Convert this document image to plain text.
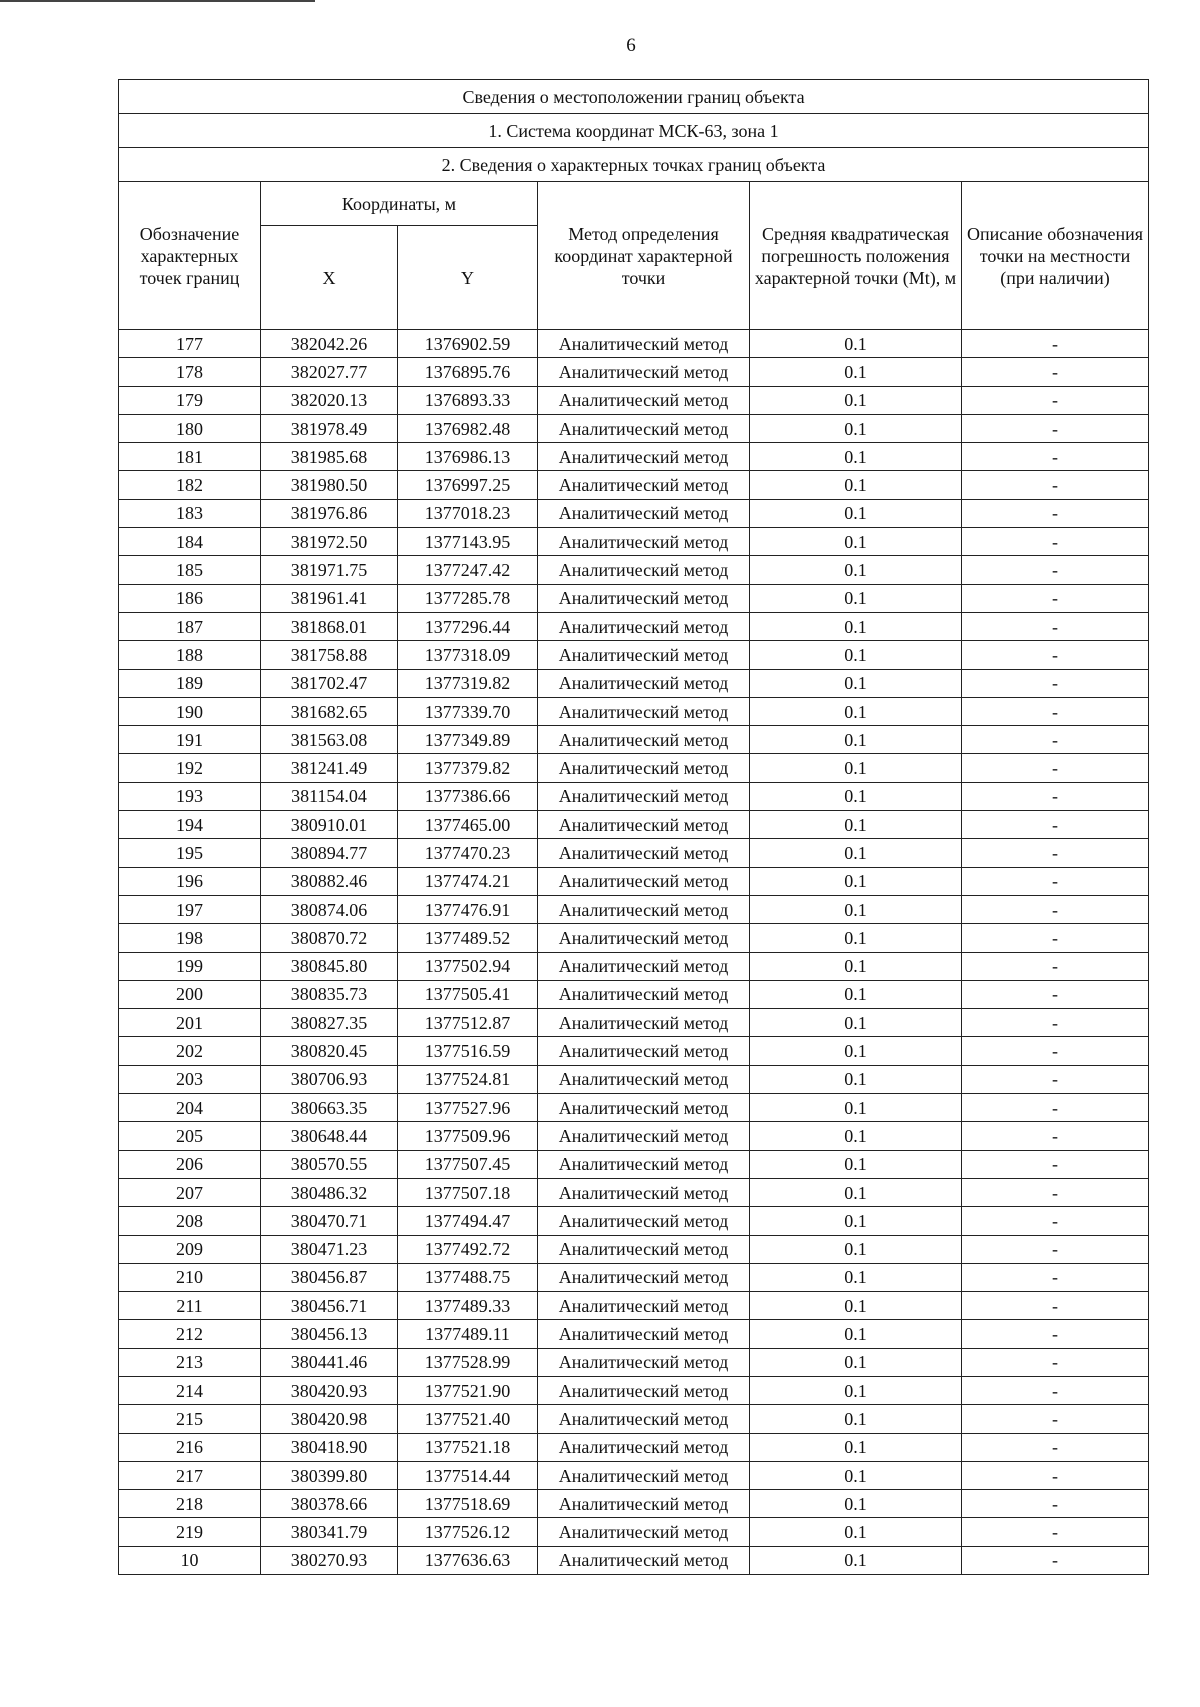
6
Сведения о местоположении границ объекта					
1. Система координат МСК-63, зона 1					
2. Сведения о характерных точках границ объекта					
Обозначение характерных точек границ	Координаты, м		Метод определения координат характерной точки	Средняя квадратическая погрешность положения характерной точки (Mt), м	Описание обозначения точки на местности (при наличии)
	X	Y			
177	382042.26	1376902.59	Аналитический метод	0.1	-
178	382027.77	1376895.76	Аналитический метод	0.1	-
179	382020.13	1376893.33	Аналитический метод	0.1	-
180	381978.49	1376982.48	Аналитический метод	0.1	-
181	381985.68	1376986.13	Аналитический метод	0.1	-
182	381980.50	1376997.25	Аналитический метод	0.1	-
183	381976.86	1377018.23	Аналитический метод	0.1	-
184	381972.50	1377143.95	Аналитический метод	0.1	-
185	381971.75	1377247.42	Аналитический метод	0.1	-
186	381961.41	1377285.78	Аналитический метод	0.1	-
187	381868.01	1377296.44	Аналитический метод	0.1	-
188	381758.88	1377318.09	Аналитический метод	0.1	-
189	381702.47	1377319.82	Аналитический метод	0.1	-
190	381682.65	1377339.70	Аналитический метод	0.1	-
191	381563.08	1377349.89	Аналитический метод	0.1	-
192	381241.49	1377379.82	Аналитический метод	0.1	-
193	381154.04	1377386.66	Аналитический метод	0.1	-
194	380910.01	1377465.00	Аналитический метод	0.1	-
195	380894.77	1377470.23	Аналитический метод	0.1	-
196	380882.46	1377474.21	Аналитический метод	0.1	-
197	380874.06	1377476.91	Аналитический метод	0.1	-
198	380870.72	1377489.52	Аналитический метод	0.1	-
199	380845.80	1377502.94	Аналитический метод	0.1	-
200	380835.73	1377505.41	Аналитический метод	0.1	-
201	380827.35	1377512.87	Аналитический метод	0.1	-
202	380820.45	1377516.59	Аналитический метод	0.1	-
203	380706.93	1377524.81	Аналитический метод	0.1	-
204	380663.35	1377527.96	Аналитический метод	0.1	-
205	380648.44	1377509.96	Аналитический метод	0.1	-
206	380570.55	1377507.45	Аналитический метод	0.1	-
207	380486.32	1377507.18	Аналитический метод	0.1	-
208	380470.71	1377494.47	Аналитический метод	0.1	-
209	380471.23	1377492.72	Аналитический метод	0.1	-
210	380456.87	1377488.75	Аналитический метод	0.1	-
211	380456.71	1377489.33	Аналитический метод	0.1	-
212	380456.13	1377489.11	Аналитический метод	0.1	-
213	380441.46	1377528.99	Аналитический метод	0.1	-
214	380420.93	1377521.90	Аналитический метод	0.1	-
215	380420.98	1377521.40	Аналитический метод	0.1	-
216	380418.90	1377521.18	Аналитический метод	0.1	-
217	380399.80	1377514.44	Аналитический метод	0.1	-
218	380378.66	1377518.69	Аналитический метод	0.1	-
219	380341.79	1377526.12	Аналитический метод	0.1	-
10	380270.93	1377636.63	Аналитический метод	0.1	-
